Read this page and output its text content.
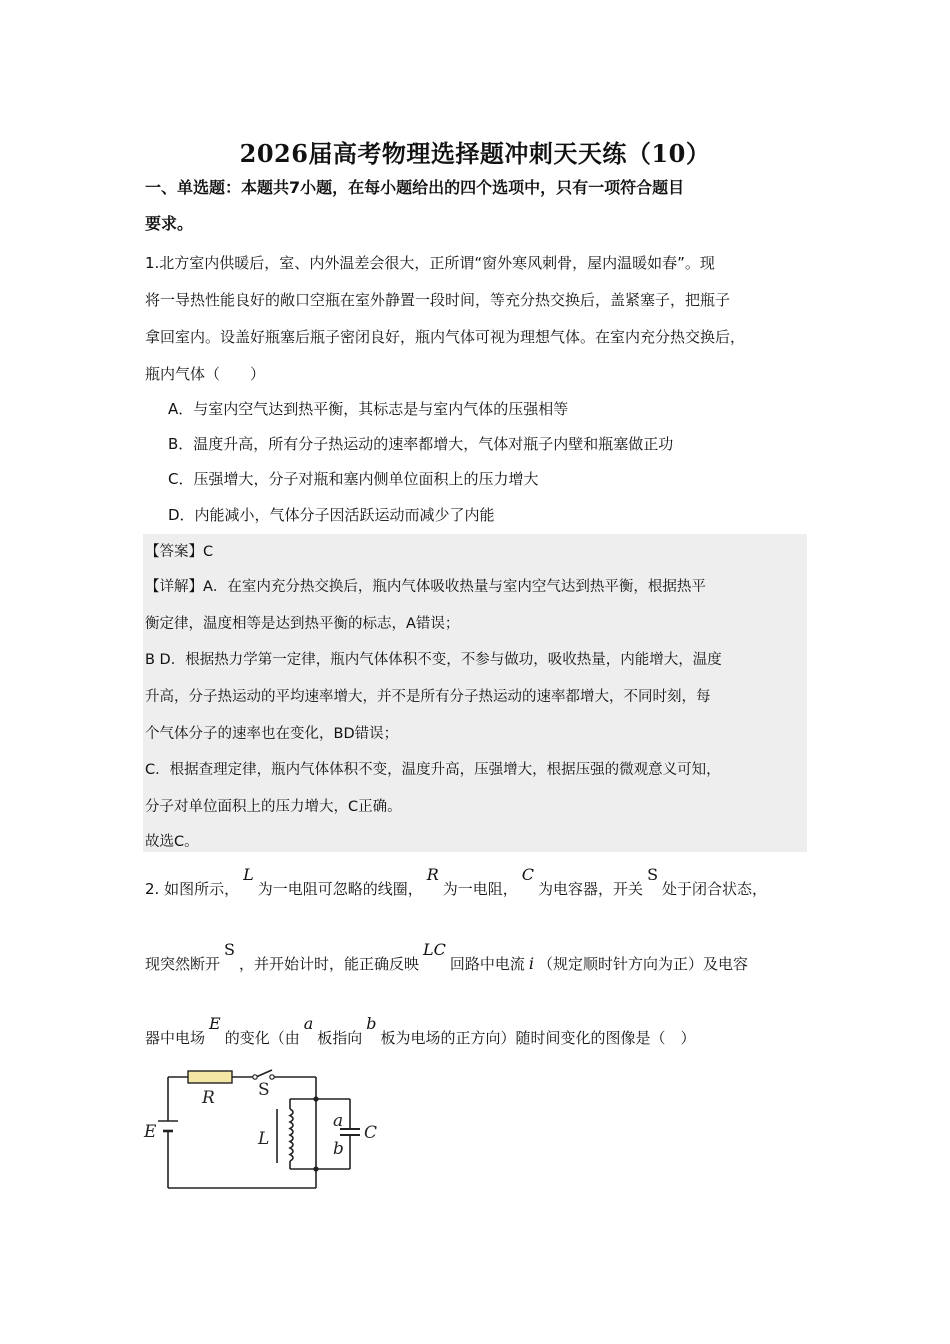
2026届高考物理选择题冲刺天天练（10）
一、单选题：本题共7小题，在每小题给出的四个选项中，只有一项符合题目
要求。
1.北方室内供暖后，室、内外温差会很大，正所谓“窗外寒风刺骨，屋内温暖如春”。现
将一导热性能良好的敞口空瓶在室外静置一段时间，等充分热交换后，盖紧塞子，把瓶子
拿回室内。设盖好瓶塞后瓶子密闭良好，瓶内气体可视为理想气体。在室内充分热交换后，
瓶内气体（　　）
A．与室内空气达到热平衡，其标志是与室内气体的压强相等
B．温度升高，所有分子热运动的速率都增大，气体对瓶子内壁和瓶塞做正功
C．压强增大，分子对瓶和塞内侧单位面积上的压力增大
D．内能减小，气体分子因活跃运动而减少了内能
【答案】C
【详解】A．在室内充分热交换后，瓶内气体吸收热量与室内空气达到热平衡，根据热平
衡定律，温度相等是达到热平衡的标志，A错误；
B D．根据热力学第一定律，瓶内气体体积不变，不参与做功，吸收热量，内能增大，温度
升高，分子热运动的平均速率增大，并不是所有分子热运动的速率都增大，不同时刻，每
个气体分子的速率也在变化，BD错误；
C．根据查理定律，瓶内气体体积不变，温度升高，压强增大，根据压强的微观意义可知，
分子对单位面积上的压力增大，C正确。
故选C。
2. 如图所示，L为一电阻可忽略的线圈，R为一电阻，C为电容器，开关S处于闭合状态，
现突然断开S，并开始计时，能正确反映LC回路中电流 i （规定顺时针方向为正）及电容
器中电场E的变化（由a板指向b板为电场的正方向）随时间变化的图像是（　）
R	S
E	L
a
b
C
